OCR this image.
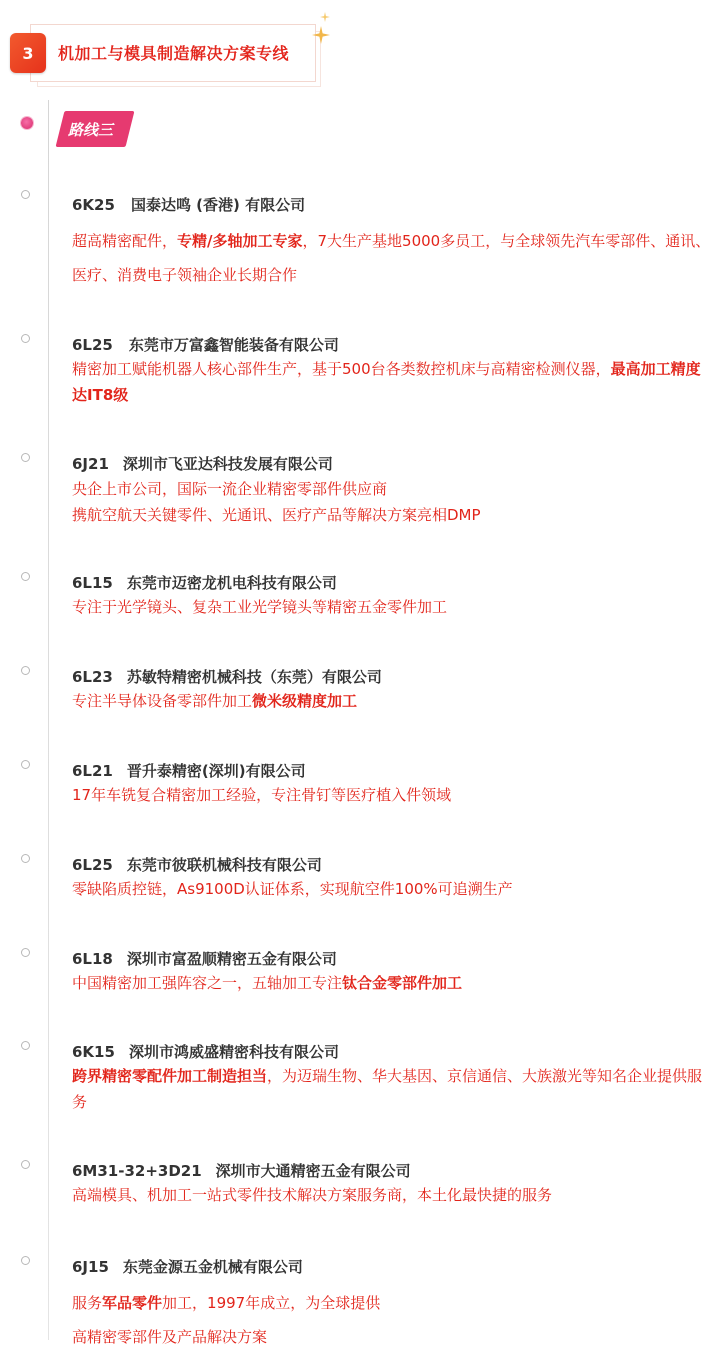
3	机加工与模具制造解决方案专线
路线三
6K25 国泰达鸣 (香港) 有限公司
超高精密配件，专精/多轴加工专家，7大生产基地5000多员工，与全球领先汽车零部件、通讯、医疗、消费电子领袖企业长期合作
6L25 东莞市万富鑫智能装备有限公司
精密加工赋能机器人核心部件生产，基于500台各类数控机床与高精密检测仪器，最高加工精度达IT8级
6J21 深圳市飞亚达科技发展有限公司
央企上市公司，国际一流企业精密零部件供应商
携航空航天关键零件、光通讯、医疗产品等解决方案亮相DMP
6L15 东莞市迈密龙机电科技有限公司
专注于光学镜头、复杂工业光学镜头等精密五金零件加工
6L23 苏敏特精密机械科技（东莞）有限公司
专注半导体设备零部件加工微米级精度加工
6L21 晋升泰精密(深圳)有限公司
17年车铣复合精密加工经验，专注骨钉等医疗植入件领域
6L25 东莞市彼联机械科技有限公司
零缺陷质控链，As9100D认证体系，实现航空件100%可追溯生产
6L18 深圳市富盈顺精密五金有限公司
中国精密加工强阵容之一，五轴加工专注钛合金零部件加工
6K15 深圳市鸿威盛精密科技有限公司
跨界精密零配件加工制造担当，为迈瑞生物、华大基因、京信通信、大族激光等知名企业提供服务
6M31-32+3D21 深圳市大通精密五金有限公司
高端模具、机加工一站式零件技术解决方案服务商，本土化最快捷的服务
6J15 东莞金源五金机械有限公司
服务军品零件加工，1997年成立，为全球提供
高精密零部件及产品解决方案
